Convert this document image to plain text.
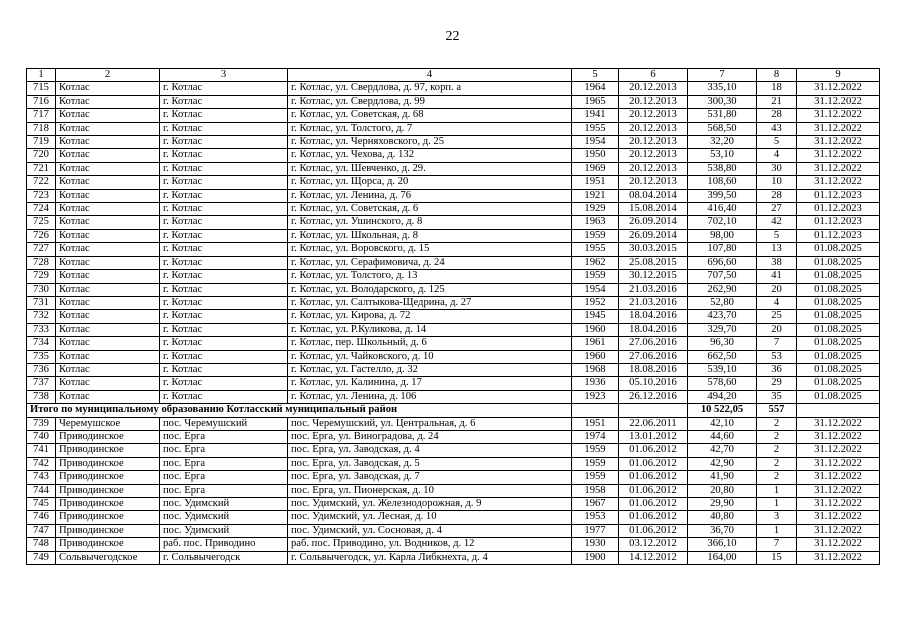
22
1	2	3	4	5	6	7	8	9
715	Котлас	г. Котлас	г. Котлас, ул. Свердлова, д. 97, корп. а	1964	20.12.2013	335,10	18	31.12.2022
716	Котлас	г. Котлас	г. Котлас, ул. Свердлова, д. 99	1965	20.12.2013	300,30	21	31.12.2022
717	Котлас	г. Котлас	г. Котлас, ул. Советская, д. 68	1941	20.12.2013	531,80	28	31.12.2022
718	Котлас	г. Котлас	г. Котлас, ул. Толстого, д. 7	1955	20.12.2013	568,50	43	31.12.2022
719	Котлас	г. Котлас	г. Котлас, ул. Черняховского, д. 25	1954	20.12.2013	32,20	5	31.12.2022
720	Котлас	г. Котлас	г. Котлас, ул. Чехова, д. 132	1950	20.12.2013	53,10	4	31.12.2022
721	Котлас	г. Котлас	г. Котлас, ул. Шевченко, д. 29.	1969	20.12.2013	538,80	30	31.12.2022
722	Котлас	г. Котлас	г. Котлас, ул. Щорса, д. 20	1951	20.12.2013	108,60	10	31.12.2022
723	Котлас	г. Котлас	г. Котлас, ул. Ленина, д. 76	1921	08.04.2014	399,50	28	01.12.2023
724	Котлас	г. Котлас	г. Котлас, ул. Советская, д. 6	1929	15.08.2014	416,40	27	01.12.2023
725	Котлас	г. Котлас	г. Котлас, ул. Ушинского, д. 8	1963	26.09.2014	702,10	42	01.12.2023
726	Котлас	г. Котлас	г. Котлас, ул. Школьная, д. 8	1959	26.09.2014	98,00	5	01.12.2023
727	Котлас	г. Котлас	г. Котлас, ул. Воровского, д. 15	1955	30.03.2015	107,80	13	01.08.2025
728	Котлас	г. Котлас	г. Котлас, ул. Серафимовича, д. 24	1962	25.08.2015	696,60	38	01.08.2025
729	Котлас	г. Котлас	г. Котлас, ул. Толстого, д. 13	1959	30.12.2015	707,50	41	01.08.2025
730	Котлас	г. Котлас	г. Котлас, ул. Володарского, д. 125	1954	21.03.2016	262,90	20	01.08.2025
731	Котлас	г. Котлас	г. Котлас, ул. Салтыкова-Щедрина, д. 27	1952	21.03.2016	52,80	4	01.08.2025
732	Котлас	г. Котлас	г. Котлас, ул. Кирова, д. 72	1945	18.04.2016	423,70	25	01.08.2025
733	Котлас	г. Котлас	г. Котлас, ул. Р.Куликова, д. 14	1960	18.04.2016	329,70	20	01.08.2025
734	Котлас	г. Котлас	г. Котлас, пер. Школьный, д. 6	1961	27.06.2016	96,30	7	01.08.2025
735	Котлас	г. Котлас	г. Котлас, ул. Чайковского, д. 10	1960	27.06.2016	662,50	53	01.08.2025
736	Котлас	г. Котлас	г. Котлас, ул. Гастелло, д. 32	1968	18.08.2016	539,10	36	01.08.2025
737	Котлас	г. Котлас	г. Котлас, ул. Калинина, д. 17	1936	05.10.2016	578,60	29	01.08.2025
738	Котлас	г. Котлас	г. Котлас, ул. Ленина, д. 106	1923	26.12.2016	494,20	35	01.08.2025
Итого по муниципальному образованию Котласский муниципальный район						10 522,05	557	
739	Черемушское	пос. Черемушский	пос. Черемушский, ул. Центральная, д. 6	1951	22.06.2011	42,10	2	31.12.2022
740	Приводинское	пос. Ерга	пос. Ерга, ул. Виноградова, д. 24	1974	13.01.2012	44,60	2	31.12.2022
741	Приводинское	пос. Ерга	пос. Ерга, ул. Заводская, д. 4	1959	01.06.2012	42,70	2	31.12.2022
742	Приводинское	пос. Ерга	пос. Ерга, ул. Заводская, д. 5	1959	01.06.2012	42,90	2	31.12.2022
743	Приводинское	пос. Ерга	пос. Ерга, ул. Заводская, д. 7	1959	01.06.2012	41,90	2	31.12.2022
744	Приводинское	пос. Ерга	пос. Ерга, ул. Пионерская, д. 10	1958	01.06.2012	20,80	1	31.12.2022
745	Приводинское	пос. Удимский	пос. Удимский, ул. Железнодорожная, д. 9	1967	01.06.2012	29,90	1	31.12.2022
746	Приводинское	пос. Удимский	пос. Удимский, ул. Лесная, д. 10	1953	01.06.2012	40,80	3	31.12.2022
747	Приводинское	пос. Удимский	пос. Удимский, ул. Сосновая, д. 4	1977	01.06.2012	36,70	1	31.12.2022
748	Приводинское	раб. пос. Приводино	раб. пос. Приводино, ул. Водников, д. 12	1930	03.12.2012	366,10	7	31.12.2022
749	Сольвычегодское	г. Сольвычегодск	г. Сольвычегодск, ул. Карла Либкнехта, д. 4	1900	14.12.2012	164,00	15	31.12.2022
